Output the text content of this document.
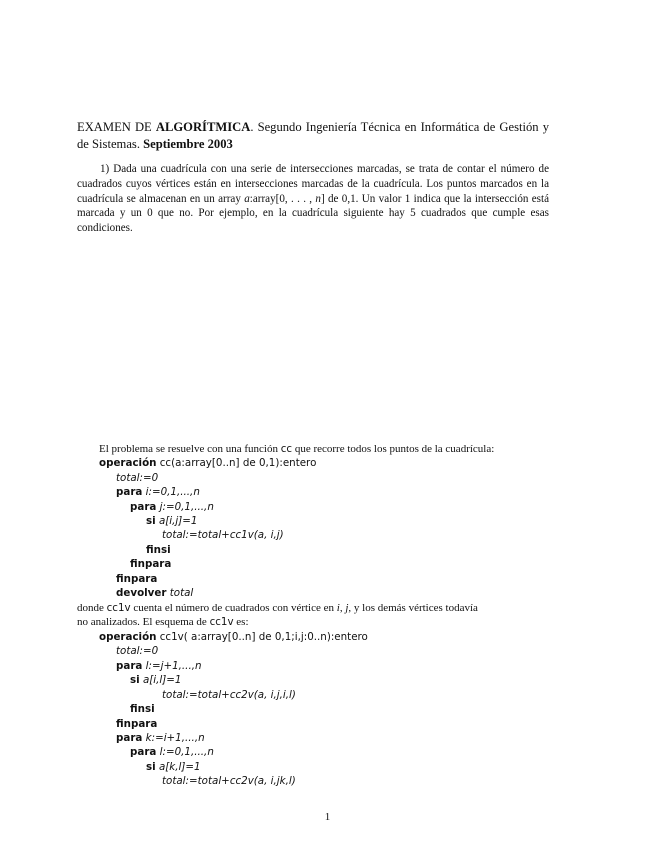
EXAMEN DE ALGORÍTMICA. Segundo Ingeniería Técnica en Informática de Gestión y de Sistemas. Septiembre 2003
1) Dada una cuadrícula con una serie de intersecciones marcadas, se trata de contar el número de cuadrados cuyos vértices están en intersecciones marcadas de la cuadrícula. Los puntos marcados en la cuadrícula se almacenan en un array a:array[0, . . . , n] de 0,1. Un valor 1 indica que la intersección está marcada y un 0 que no. Por ejemplo, en la cuadrícula siguiente hay 5 cuadrados que cumple esas condiciones.
El problema se resuelve con una función cc que recorre todos los puntos de la cuadrícula:
operación cc(a:array[0..n] de 0,1):entero
total:=0
para i:=0,1,...,n
para j:=0,1,...,n
si a[i,j]=1
total:=total+cc1v(a, i,j)
finsi
finpara
finpara
devolver total
donde cc1v cuenta el número de cuadrados con vértice en i, j, y los demás vértices todavía
no analizados. El esquema de cc1v es:
operación cc1v( a:array[0..n] de 0,1;i,j:0..n):entero
total:=0
para l:=j+1,...,n
si a[i,l]=1
total:=total+cc2v(a, i,j,i,l)
finsi
finpara
para k:=i+1,...,n
para l:=0,1,...,n
si a[k,l]=1
total:=total+cc2v(a, i,jk,l)
1
